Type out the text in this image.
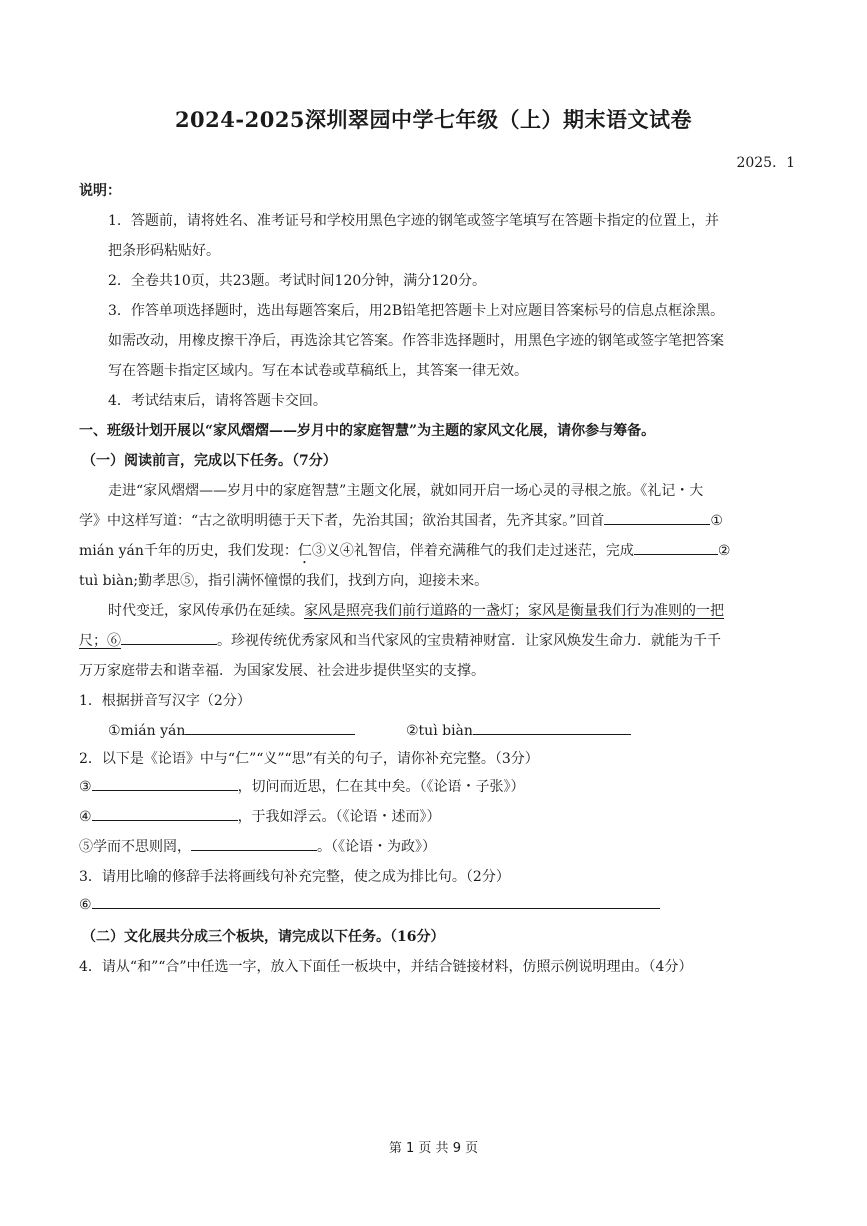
2024-2025深圳翠园中学七年级（上）期末语文试卷
2025．1
说明：
1．答题前，请将姓名、准考证号和学校用黑色字迹的钢笔或签字笔填写在答题卡指定的位置上，并
把条形码粘贴好。
2．全卷共10页，共23题。考试时间120分钟，满分120分。
3．作答单项选择题时，选出每题答案后，用2B铅笔把答题卡上对应题目答案标号的信息点框涂黑。
如需改动，用橡皮擦干净后，再选涂其它答案。作答非选择题时，用黑色字迹的钢笔或签字笔把答案
写在答题卡指定区域内。写在本试卷或草稿纸上，其答案一律无效。
4．考试结束后，请将答题卡交回。
一、班级计划开展以“家风熠熠——岁月中的家庭智慧”为主题的家风文化展，请你参与筹备。
（一）阅读前言，完成以下任务。（7分）
走进“家风熠熠——岁月中的家庭智慧”主题文化展，就如同开启一场心灵的寻根之旅。《礼记・大
学》中这样写道：“古之欲明明德于天下者，先治其国；欲治其国者，先齐其家。”回首	①
mián yán千年的历史，我们发现：仁③义④礼智信，伴着充满稚气的我们走过迷茫，完成	②
tuì biàn;勤孝思⑤，指引满怀憧憬的我们，找到方向，迎接未来。
时代变迁，家风传承仍在延续。家风是照亮我们前行道路的一盏灯；家风是衡量我们行为准则的一把
尺；⑥	。珍视传统优秀家风和当代家风的宝贵精神财富．让家风焕发生命力．就能为千千
万万家庭带去和谐幸福．为国家发展、社会进步提供坚实的支撑。
1．根据拼音写汉字（2分）
①mián yán	②tuì biàn
2．以下是《论语》中与“仁”“义”“思”有关的句子，请你补充完整。（3分）
③	，切问而近思，仁在其中矣。（《论语・子张》）
④	，于我如浮云。（《论语・述而》）
⑤学而不思则罔，	。（《论语・为政》）
3．请用比喻的修辞手法将画线句补充完整，使之成为排比句。（2分）
⑥
（二）文化展共分成三个板块，请完成以下任务。（16分）
4．请从“和”“合”中任选一字，放入下面任一板块中，并结合链接材料，仿照示例说明理由。（4分）
第 1 页 共 9 页
